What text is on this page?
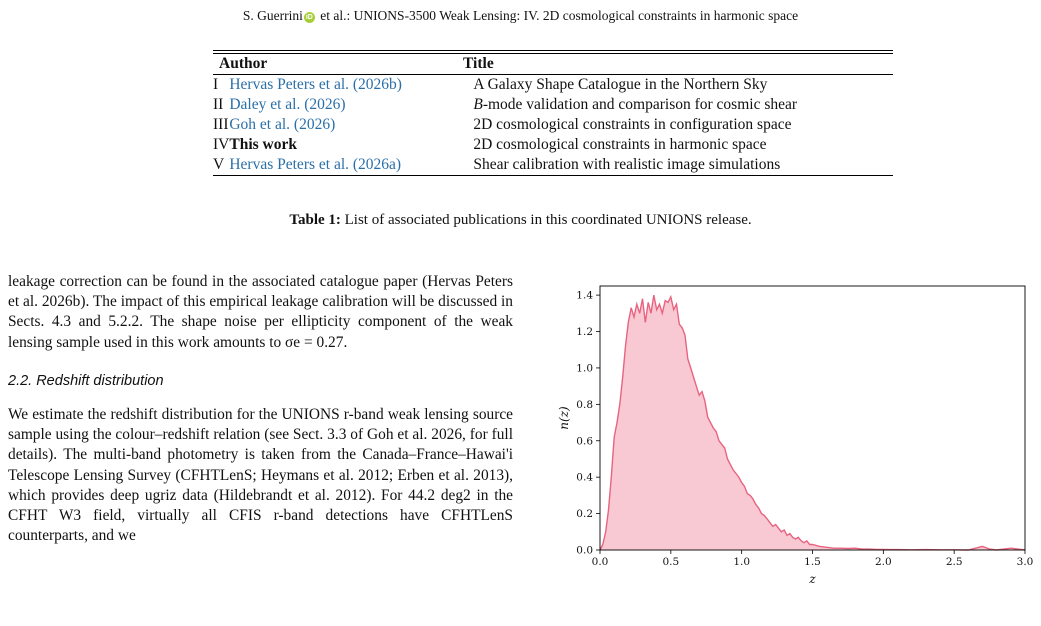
S. Guerrini iD et al.: UNIONS-3500 Weak Lensing: IV. 2D cosmological constraints in harmonic space
	Author	Title
I	Hervas Peters et al. (2026b)	A Galaxy Shape Catalogue in the Northern Sky
II	Daley et al. (2026)	B-mode validation and comparison for cosmic shear
III	Goh et al. (2026)	2D cosmological constraints in configuration space
IV	This work	2D cosmological constraints in harmonic space
V	Hervas Peters et al. (2026a)	Shear calibration with realistic image simulations
Table 1: List of associated publications in this coordinated UNIONS release.

leakage correction can be found in the associated catalogue paper (Hervas Peters et al. 2026b). The impact of this empirical leakage calibration will be discussed in Sects. 4.3 and 5.2.2. The shape noise per ellipticity component of the weak lensing sample used in this work amounts to σe = 0.27.

2.2. Redshift distribution

We estimate the redshift distribution for the UNIONS r-band weak lensing source sample using the colour–redshift relation (see Sect. 3.3 of Goh et al. 2026, for full details). The multi-band photometry is taken from the Canada–France–Hawai'i Telescope Lensing Survey (CFHTLenS; Heymans et al. 2012; Erben et al. 2013), which provides deep ugriz data (Hildebrandt et al. 2012). For 44.2 deg2 in the CFHT W3 field, virtually all CFIS r-band detections have CFHTLenS counterparts, and we

0.0	0.5	1.0	1.5	2.0	2.5	3.0
0.0
0.2
0.4
0.6
0.8
1.0
1.2
1.4
z
n(z)
